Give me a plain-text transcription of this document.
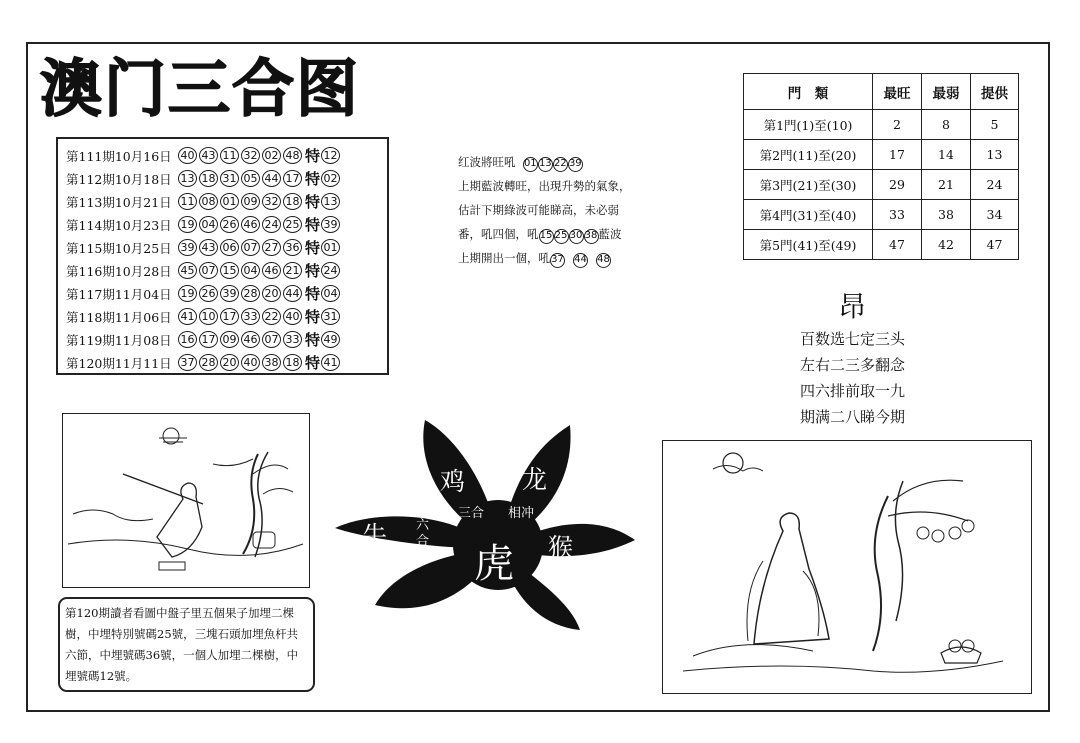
澳门三合图
第111期10月16日 40 43 11 32 02 48 特 12
第112期10月18日 13 18 31 05 44 17 特 02
第113期10月21日 11 08 01 09 32 18 特 13
第114期10月23日 19 04 26 46 24 25 特 39
第115期10月25日 39 43 06 07 27 36 特 01
第116期10月28日 45 07 15 04 46 21 特 24
第117期11月04日 19 26 39 28 20 44 特 04
第118期11月06日 41 10 17 33 22 40 特 31
第119期11月08日 16 17 09 46 07 33 特 49
第120期11月11日 37 28 20 40 38 18 特 41
红波將旺吼
01 13 22 39
上期藍波轉旺，出現升勢的氣象，
估計下期綠波可能睇高，未必弱
番，吼四個，吼 15 25 30 38 藍波
上期開出一個，吼 37 44 48
門　類	最旺	最弱	提供
第1門(1)至(10)	2	8	5
第2門(11)至(20)	17	14	13
第3門(21)至(30)	29	21	24
第4門(31)至(40)	33	38	34
第5門(41)至(49)	47	42	47
昂
百数选七定三头
左右二三多翻念
四六排前取一九
期满二八睇今期
第120期讀者看圖中盤子里五個果子加埋二棵樹，中埋特別號碼25號，三塊石頭加埋魚杆共六節，中埋號碼36號，一個人加埋二棵樹，中埋號碼12號。
鸡 龙
三合 相冲
牛 六合 虎 猴
